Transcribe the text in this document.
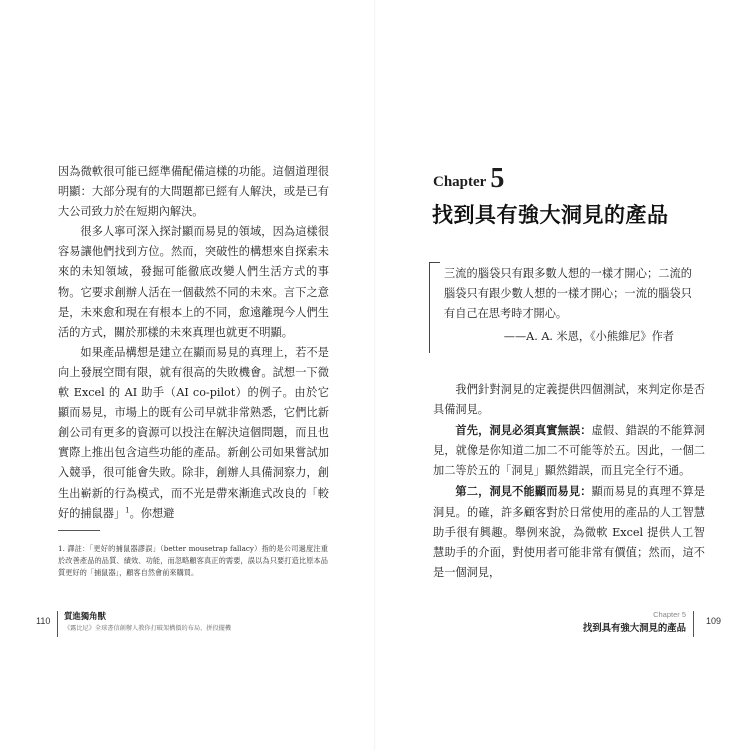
因為微軟很可能已經準備配備這樣的功能。這個道理很明顯：大部分現有的大問題都已經有人解決，或是已有大公司致力於在短期內解決。

很多人寧可深入探討顯而易見的領域，因為這樣很容易讓他們找到方位。然而，突破性的構想來自探索未來的未知領域，發掘可能徹底改變人們生活方式的事物。它要求創辦人活在一個截然不同的未來。言下之意是，未來愈和現在有根本上的不同，愈遠離現今人們生活的方式，關於那樣的未來真理也就更不明顯。

如果產品構想是建立在顯而易見的真理上，若不是向上發展空間有限，就有很高的失敗機會。試想一下微軟 Excel 的 AI 助手（AI co-pilot）的例子。由於它顯而易見，市場上的既有公司早就非常熟悉，它們比新創公司有更多的資源可以投注在解決這個問題，而且也實際上推出包含這些功能的產品。新創公司如果嘗試加入競爭，很可能會失敗。除非，創辦人具備洞察力，創生出嶄新的行為模式，而不光是帶來漸進式改良的「較好的捕鼠器」$^1$。你想避

1. 譯註：「更好的捕鼠器謬誤」（better mousetrap fallacy）指的是公司過度注重於改善產品的品質、績效、功能，而忽略顧客真正的需要，誤以為只要打造比原本品質更好的「捕鼠器」，顧客自然會前來購買。
110 質進獨角獸
《露比尼》全球書信創辦人教你打破架構價的布局、拼投擺機
Chapter 5
找到具有強大洞見的產品
三流的腦袋只有跟多數人想的一樣才開心；二流的腦袋只有跟少數人想的一樣才開心；一流的腦袋只有自己在思考時才開心。
——A. A. 米恩，《小熊維尼》作者

我們針對洞見的定義提供四個測試，來判定你是否具備洞見。

首先，洞見必須真實無誤：虛假、錯誤的不能算洞見，就像是你知道二加二不可能等於五。因此，一個二加二等於五的「洞見」顯然錯誤，而且完全行不通。

第二，洞見不能顯而易見：顯而易見的真理不算是洞見。的確，許多顧客對於日常使用的產品的人工智慧助手很有興趣。舉例來說，為微軟 Excel 提供人工智慧助手的介面，對使用者可能非常有價值；然而，這不是一個洞見，

Chapter 5
找到具有強大洞見的產品
109
